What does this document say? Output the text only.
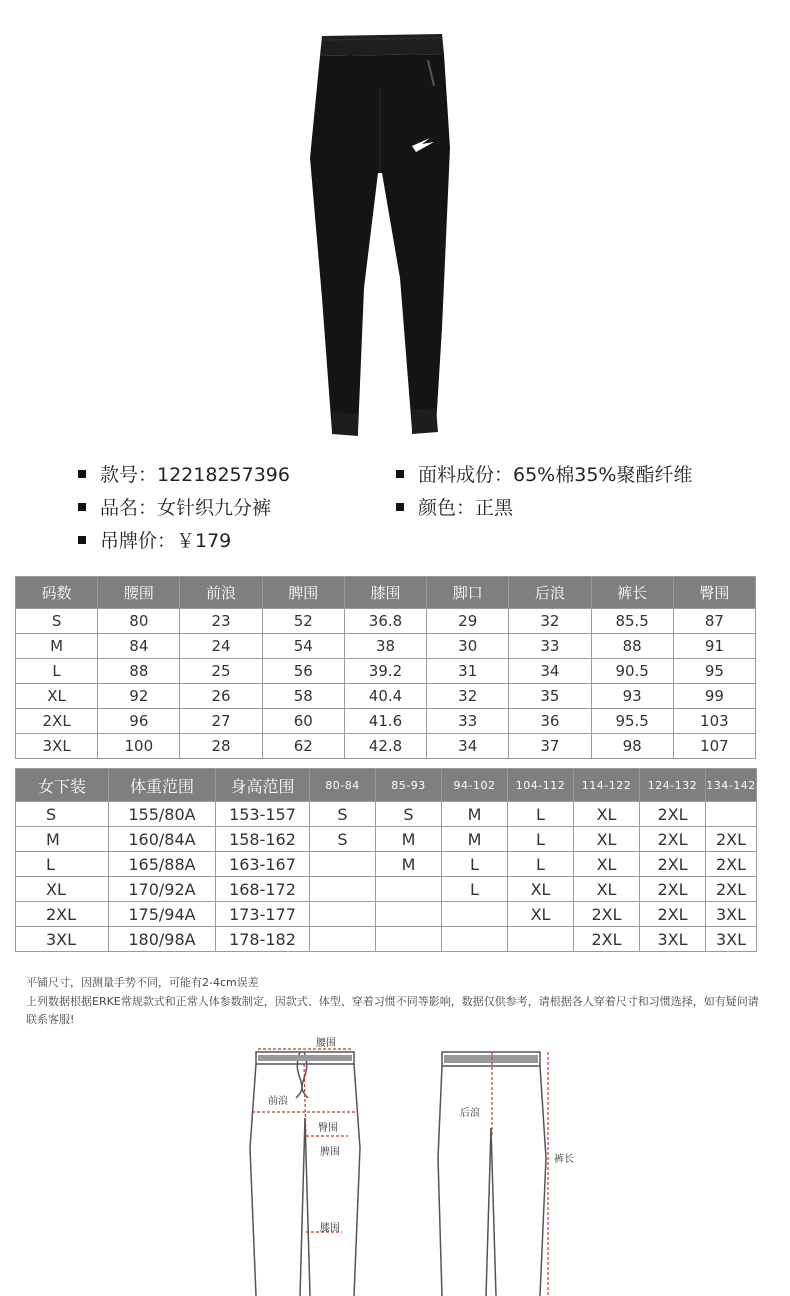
款号：12218257396
品名：女针织九分裤
吊牌价：￥179
面料成份：65%棉35%聚酯纤维
颜色：正黑
码数	腰围	前浪	脾围	膝围	脚口	后浪	裤长	臀围
S	80	23	52	36.8	29	32	85.5	87
M	84	24	54	38	30	33	88	91
L	88	25	56	39.2	31	34	90.5	95
XL	92	26	58	40.4	32	35	93	99
2XL	96	27	60	41.6	33	36	95.5	103
3XL	100	28	62	42.8	34	37	98	107
女下装	体重范围	身高范围	80-84	85-93	94-102	104-112	114-122	124-132	134-142
S	155/80A	153-157	S	S	M	L	XL	2XL	
M	160/84A	158-162	S	M	M	L	XL	2XL	2XL
L	165/88A	163-167		M	L	L	XL	2XL	2XL
XL	170/92A	168-172			L	XL	XL	2XL	2XL
2XL	175/94A	173-177				XL	2XL	2XL	3XL
3XL	180/98A	178-182					2XL	3XL	3XL

平铺尺寸，因测量手势不同，可能有2-4cm误差

上列数据根据ERKE常规款式和正常人体参数制定，因款式、体型、穿着习惯不同等影响，数据仅供参考，请根据各人穿着尺寸和习惯选择，如有疑问请联系客服!

腰围
前浪
臀围
脾围
膝围
后浪
裤长
